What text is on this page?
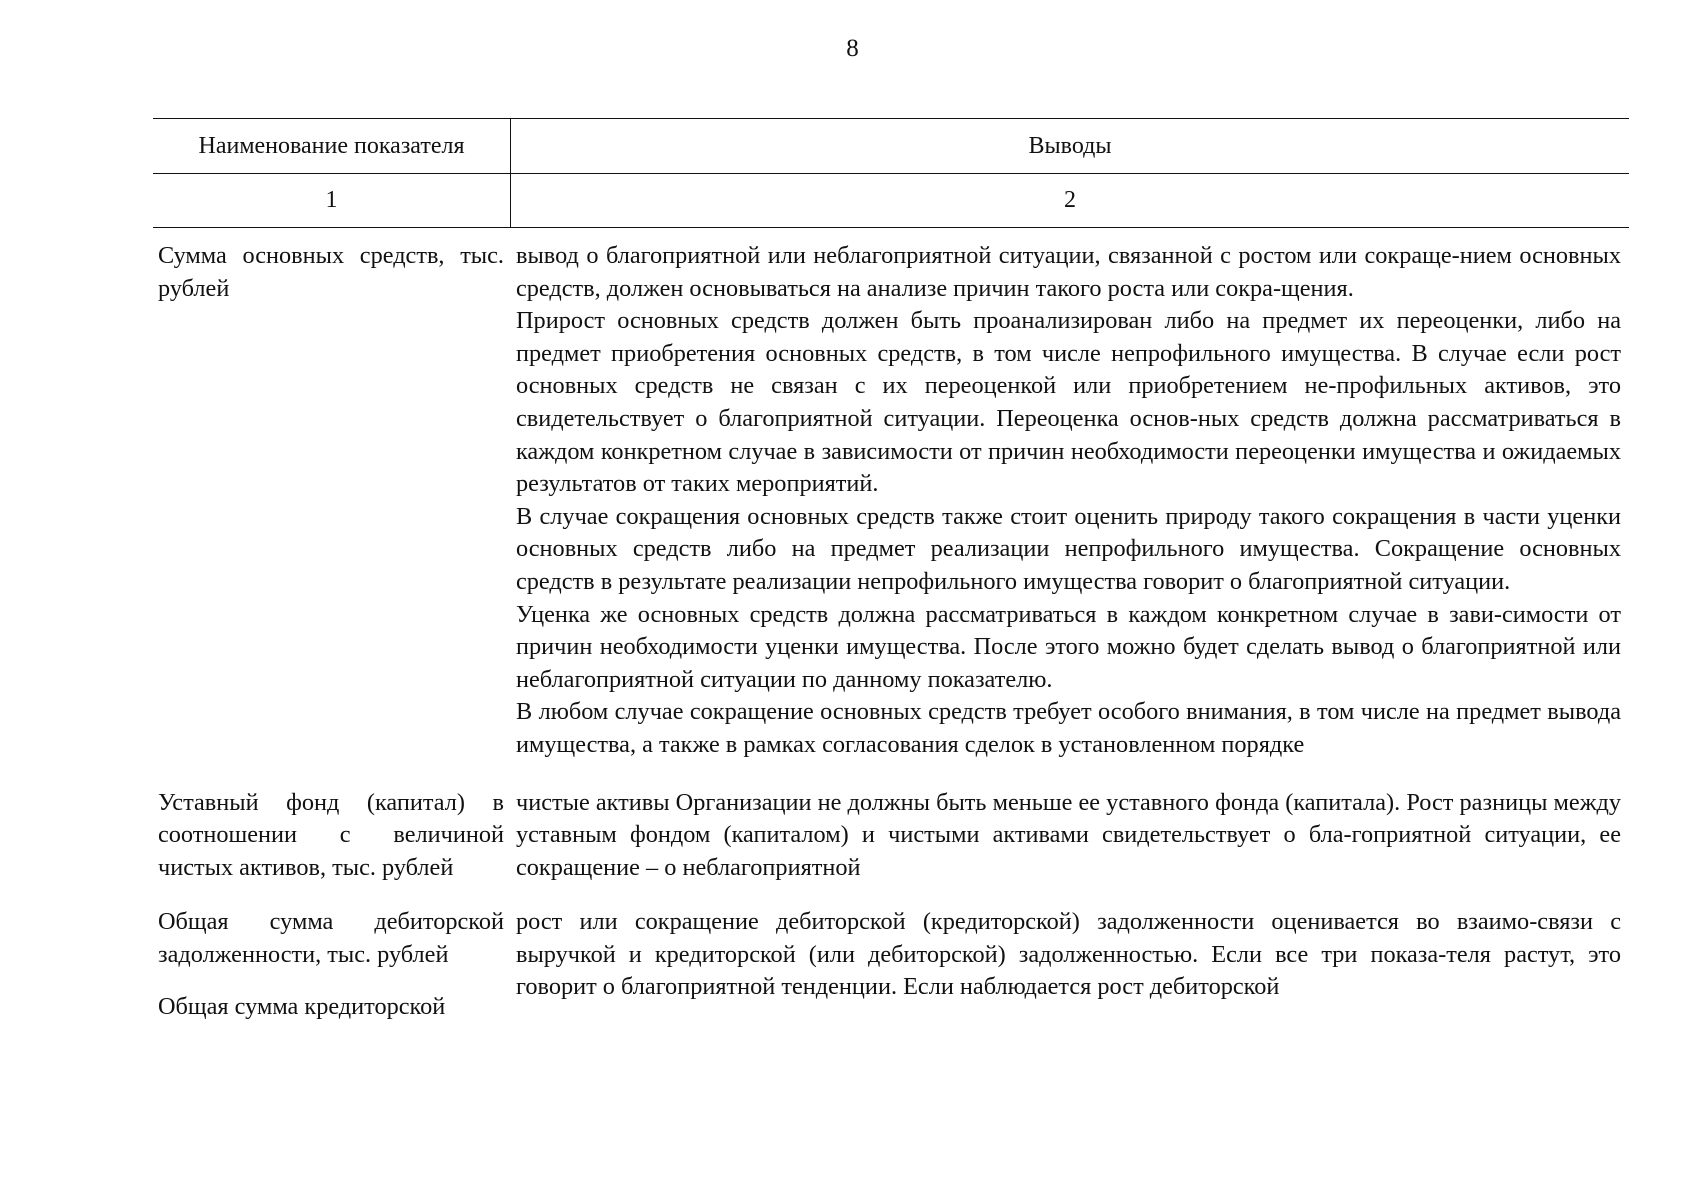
8
Наименование показателя	Выводы
1	2
Сумма основных средств, тыс. рублей

вывод о благоприятной или неблагоприятной ситуации, связанной с ростом или сокраще-нием основных средств, должен основываться на анализе причин такого роста или сокра-щения.

Прирост основных средств должен быть проанализирован либо на предмет их переоценки, либо на предмет приобретения основных средств, в том числе непрофильного имущества. В случае если рост основных средств не связан с их переоценкой или приобретением не-профильных активов, это свидетельствует о благоприятной ситуации. Переоценка основ-ных средств должна рассматриваться в каждом конкретном случае в зависимости от причин необходимости переоценки имущества и ожидаемых результатов от таких мероприятий.

В случае сокращения основных средств также стоит оценить природу такого сокращения в части уценки основных средств либо на предмет реализации непрофильного имущества. Сокращение основных средств в результате реализации непрофильного имущества говорит о благоприятной ситуации.

Уценка же основных средств должна рассматриваться в каждом конкретном случае в зави-симости от причин необходимости уценки имущества. После этого можно будет сделать вывод о благоприятной или неблагоприятной ситуации по данному показателю.

В любом случае сокращение основных средств требует особого внимания, в том числе на предмет вывода имущества, а также в рамках согласования сделок в установленном порядке

Уставный фонд (капитал) в соотношении с величиной чистых активов, тыс. рублей

чистые активы Организации не должны быть меньше ее уставного фонда (капитала). Рост разницы между уставным фондом (капиталом) и чистыми активами свидетельствует о бла-гоприятной ситуации, ее сокращение – о неблагоприятной

Общая сумма дебиторской задолженности, тыс. рублей
Общая сумма кредиторской

рост или сокращение дебиторской (кредиторской) задолженности оценивается во взаимо-связи с выручкой и кредиторской (или дебиторской) задолженностью. Если все три показа-теля растут, это говорит о благоприятной тенденции. Если наблюдается рост дебиторской
